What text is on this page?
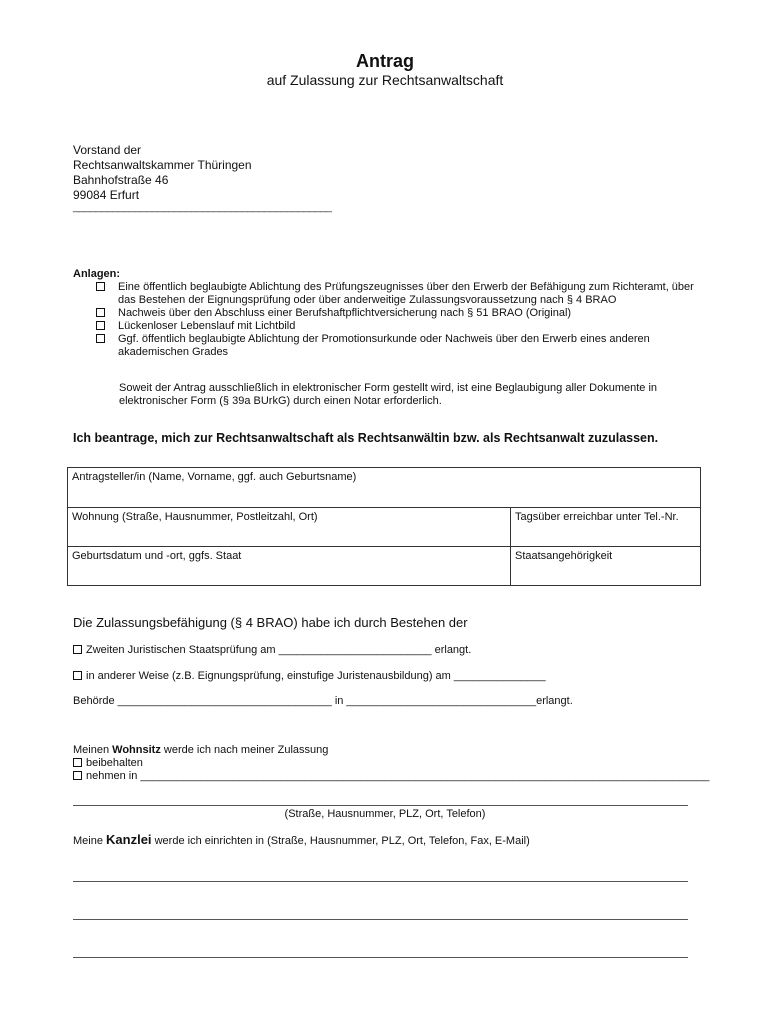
Antrag
auf Zulassung zur Rechtsanwaltschaft
Vorstand der
Rechtsanwaltskammer Thüringen
Bahnhofstraße 46
99084 Erfurt
______________________________________________
Anlagen:
Eine öffentlich beglaubigte Ablichtung des Prüfungszeugnisses über den Erwerb der Befähigung zum Richteramt, über das Bestehen der Eignungsprüfung oder über anderweitige Zulassungsvoraussetzung nach § 4 BRAO
Nachweis über den Abschluss einer Berufshaftpflichtversicherung nach § 51 BRAO (Original)
Lückenloser Lebenslauf mit Lichtbild
Ggf. öffentlich beglaubigte Ablichtung der Promotionsurkunde oder Nachweis über den Erwerb eines anderen akademischen Grades
Soweit der Antrag ausschließlich in elektronischer Form gestellt wird, ist eine Beglaubigung aller Dokumente in elektronischer Form (§ 39a BUrkG) durch einen Notar erforderlich.
Ich beantrage, mich zur Rechtsanwaltschaft als Rechtsanwältin bzw. als Rechtsanwalt zuzulassen.
Antragsteller/in (Name, Vorname, ggf. auch Geburtsname)	
Wohnung (Straße, Hausnummer, Postleitzahl, Ort)	Tagsüber erreichbar unter Tel.-Nr.
Geburtsdatum und -ort, ggfs. Staat	Staatsangehörigkeit
Die Zulassungsbefähigung (§ 4 BRAO) habe ich durch Bestehen der
Zweiten Juristischen Staatsprüfung am _________________________ erlangt.
in anderer Weise (z.B. Eignungsprüfung, einstufige Juristenausbildung) am _______________
Behörde ___________________________________ in _______________________________erlangt.
Meinen Wohnsitz werde ich nach meiner Zulassung
beibehalten
nehmen in _____________________________________________________________________________________________
(Straße, Hausnummer, PLZ, Ort, Telefon)
Meine Kanzlei werde ich einrichten in (Straße, Hausnummer, PLZ, Ort, Telefon, Fax, E-Mail)
